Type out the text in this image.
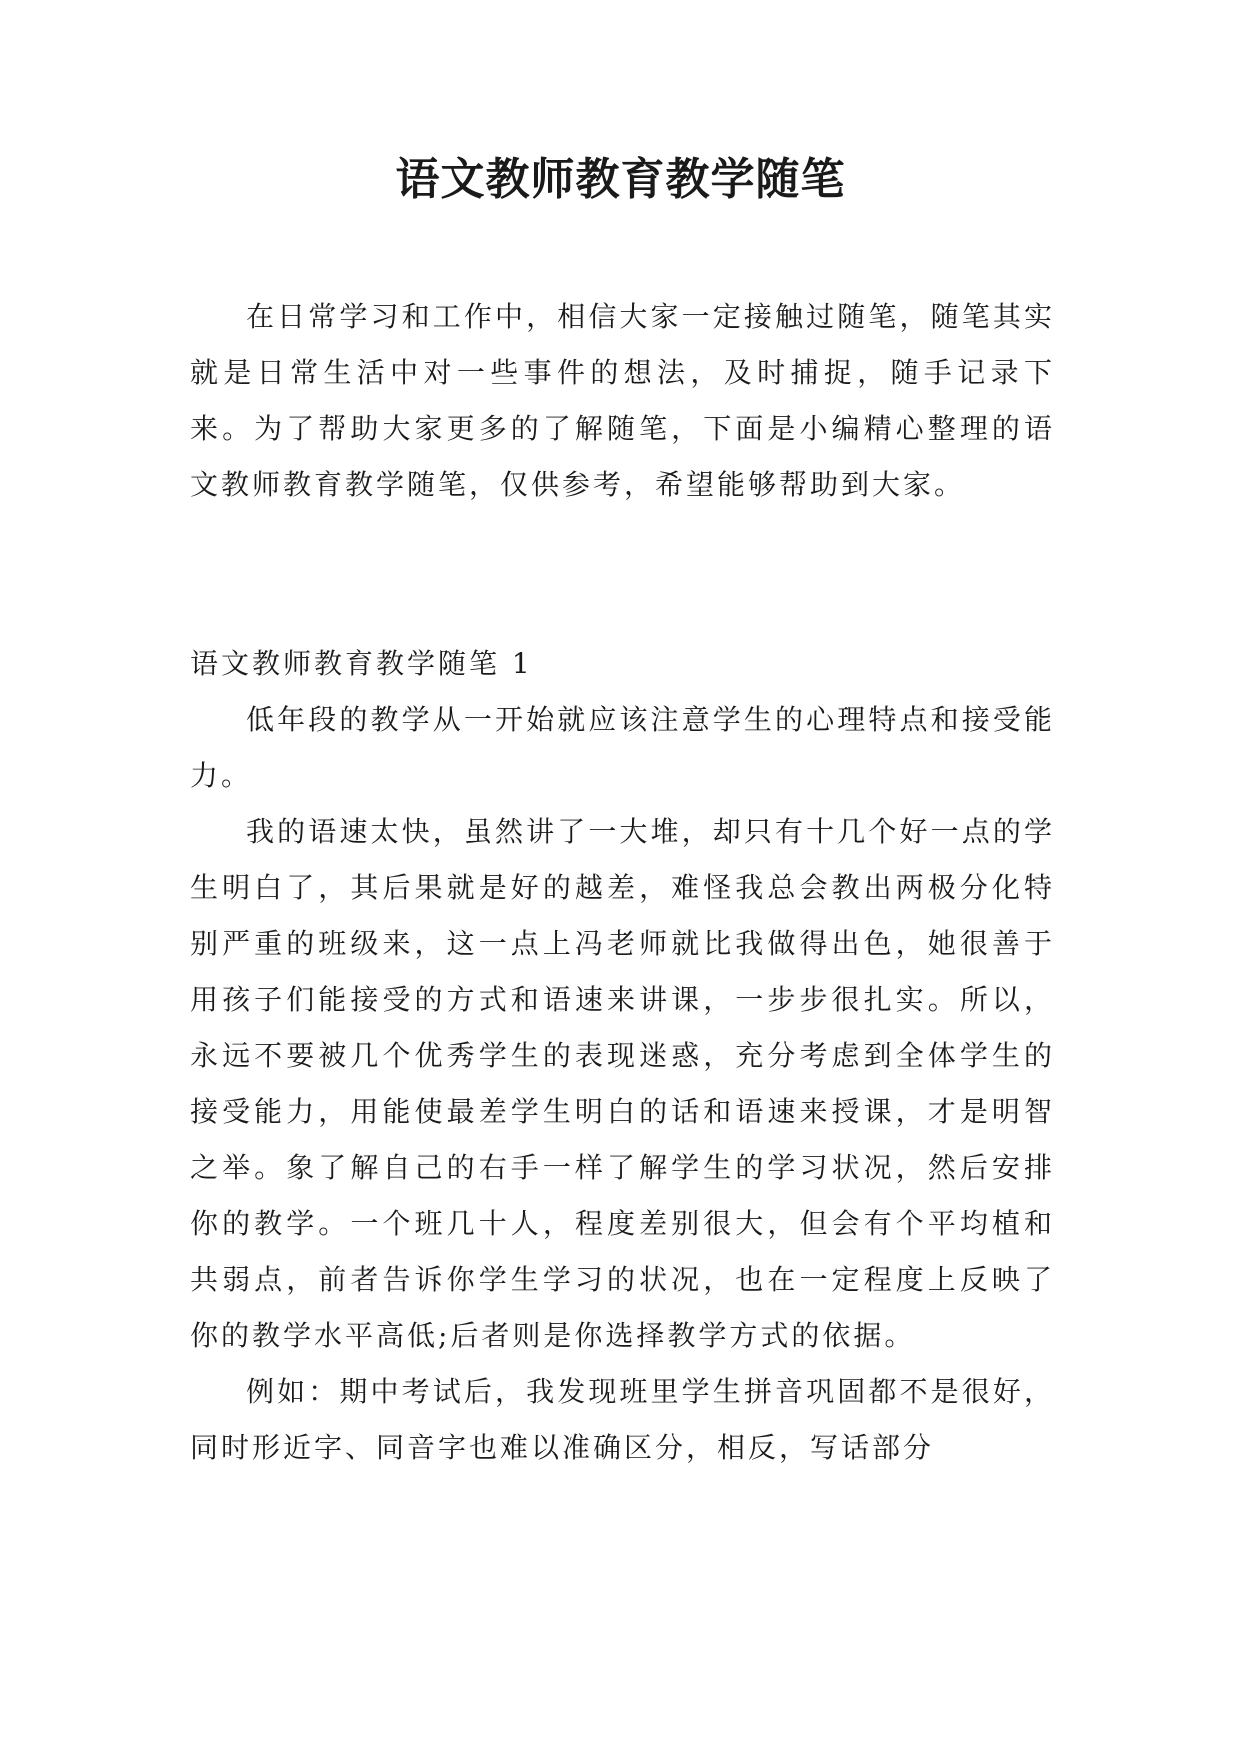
语文教师教育教学随笔

在日常学习和工作中，相信大家一定接触过随笔，随笔其实就是日常生活中对一些事件的想法，及时捕捉，随手记录下来。为了帮助大家更多的了解随笔，下面是小编精心整理的语文教师教育教学随笔，仅供参考，希望能够帮助到大家。

语文教师教育教学随笔 1

低年段的教学从一开始就应该注意学生的心理特点和接受能力。

我的语速太快，虽然讲了一大堆，却只有十几个好一点的学生明白了，其后果就是好的越差，难怪我总会教出两极分化特别严重的班级来，这一点上冯老师就比我做得出色，她很善于用孩子们能接受的方式和语速来讲课，一步步很扎实。所以，永远不要被几个优秀学生的表现迷惑，充分考虑到全体学生的接受能力，用能使最差学生明白的话和语速来授课，才是明智之举。象了解自己的右手一样了解学生的学习状况，然后安排你的教学。一个班几十人，程度差别很大，但会有个平均植和共弱点，前者告诉你学生学习的状况，也在一定程度上反映了你的教学水平高低;后者则是你选择教学方式的依据。

例如：期中考试后，我发现班里学生拼音巩固都不是很好，同时形近字、同音字也难以准确区分，相反，写话部分
